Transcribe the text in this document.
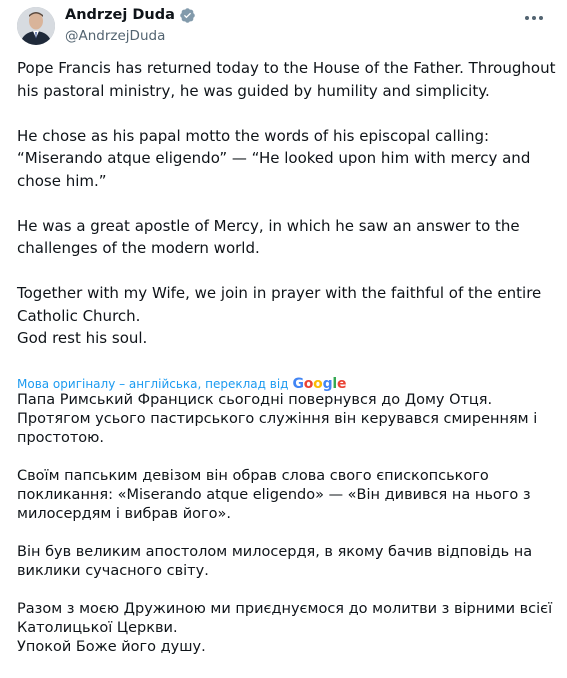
Andrzej Duda
@AndrzejDuda

Pope Francis has returned today to the House of the Father. Throughout his pastoral ministry, he was guided by humility and simplicity.

He chose as his papal motto the words of his episcopal calling: “Miserando atque eligendo” — “He looked upon him with mercy and chose him.”

He was a great apostle of Mercy, in which he saw an answer to the challenges of the modern world.

Together with my Wife, we join in prayer with the faithful of the entire Catholic Church.

God rest his soul.

Мова оригіналу – англійська, переклад від Google

Папа Римський Франциск сьогодні повернувся до Дому Отця. Протягом усього пастирського служіння він керувався смиренням і простотою.

Своїм папським девізом він обрав слова свого єпископського покликання: «Miserando atque eligendo» — «Він дивився на нього з милосердям і вибрав його».

Він був великим апостолом милосердя, в якому бачив відповідь на виклики сучасного світу.

Разом з моєю Дружиною ми приєднуємося до молитви з вірними всієї Католицької Церкви.

Упокой Боже його душу.
